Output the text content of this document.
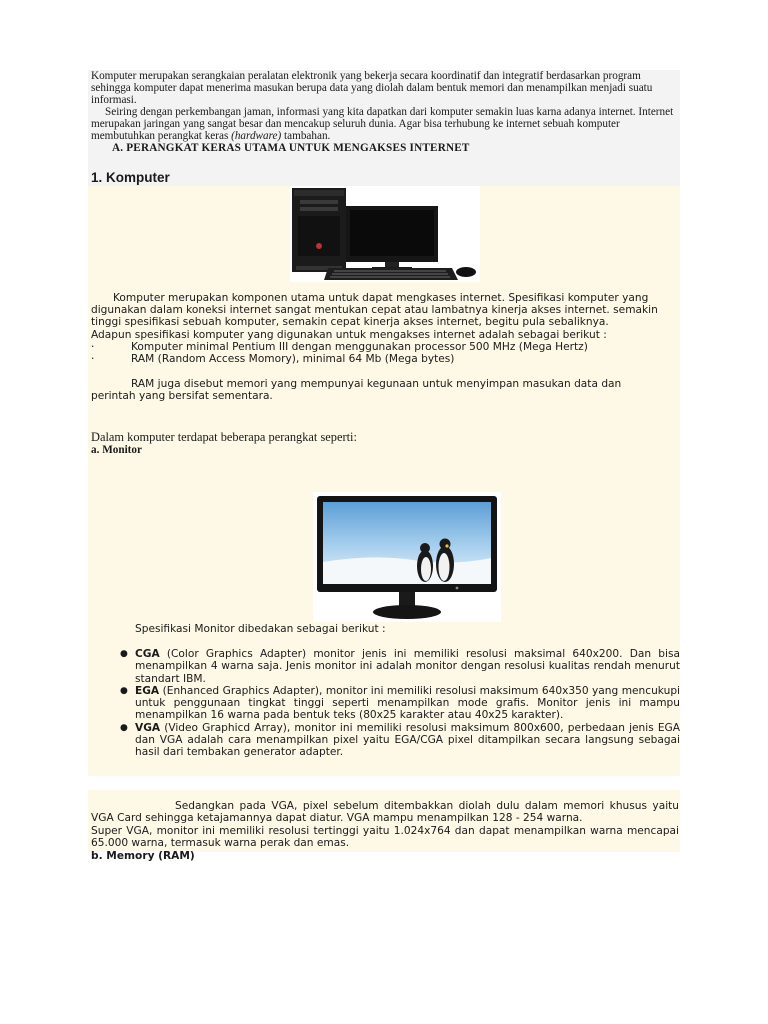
Komputer merupakan serangkaian peralatan elektronik yang bekerja secara koordinatif dan integratif berdasarkan program sehingga komputer dapat menerima masukan berupa data yang diolah dalam bentuk memori dan menampilkan menjadi suatu informasi.

Seiring dengan perkembangan jaman, informasi yang kita dapatkan dari komputer semakin luas karna adanya internet. Internet merupakan jaringan yang sangat besar dan mencakup seluruh dunia. Agar bisa terhubung ke internet sebuah komputer membutuhkan perangkat keras (hardware) tambahan.

A. PERANGKAT KERAS UTAMA UNTUK MENGAKSES INTERNET

1. Komputer

Komputer merupakan komponen utama untuk dapat mengkases internet. Spesifikasi komputer yang digunakan dalam koneksi internet sangat mentukan cepat atau lambatnya kinerja akses internet. semakin tinggi spesifikasi sebuah komputer, semakin cepat kinerja akses internet, begitu pula sebaliknya.

Adapun spesifikasi komputer yang digunakan untuk mengakses internet adalah sebagai berikut :

·	Komputer minimal Pentium III dengan menggunakan processor 500 MHz (Mega Hertz)
·	RAM (Random Access Momory), minimal 64 Mb (Mega bytes)
RAM juga disebut memori yang mempunyai kegunaan untuk menyimpan masukan data dan
perintah yang bersifat sementara.
Dalam komputer terdapat beberapa perangkat seperti:
a. Monitor
Spesifikasi Monitor dibedakan sebagai berikut :
● CGA (Color Graphics Adapter) monitor jenis ini memiliki resolusi maksimal 640x200. Dan bisa menampilkan 4 warna saja. Jenis monitor ini adalah monitor dengan resolusi kualitas rendah menurut standart IBM.
● EGA (Enhanced Graphics Adapter), monitor ini memiliki resolusi maksimum 640x350 yang mencukupi untuk penggunaan tingkat tinggi seperti menampilkan mode grafis. Monitor jenis ini mampu menampilkan 16 warna pada bentuk teks (80x25 karakter atau 40x25 karakter).
● VGA (Video Graphicd Array), monitor ini memiliki resolusi maksimum 800x600, perbedaan jenis EGA dan VGA adalah cara menampilkan pixel yaitu EGA/CGA pixel ditampilkan secara langsung sebagai hasil dari tembakan generator adapter.

Sedangkan pada VGA, pixel sebelum ditembakkan diolah dulu dalam memori khusus yaitu VGA Card sehingga ketajamannya dapat diatur. VGA mampu menampilkan 128 - 254 warna.

Super VGA, monitor ini memiliki resolusi tertinggi yaitu 1.024x764 dan dapat menampilkan warna mencapai 65.000 warna, termasuk warna perak dan emas.

b. Memory (RAM)
